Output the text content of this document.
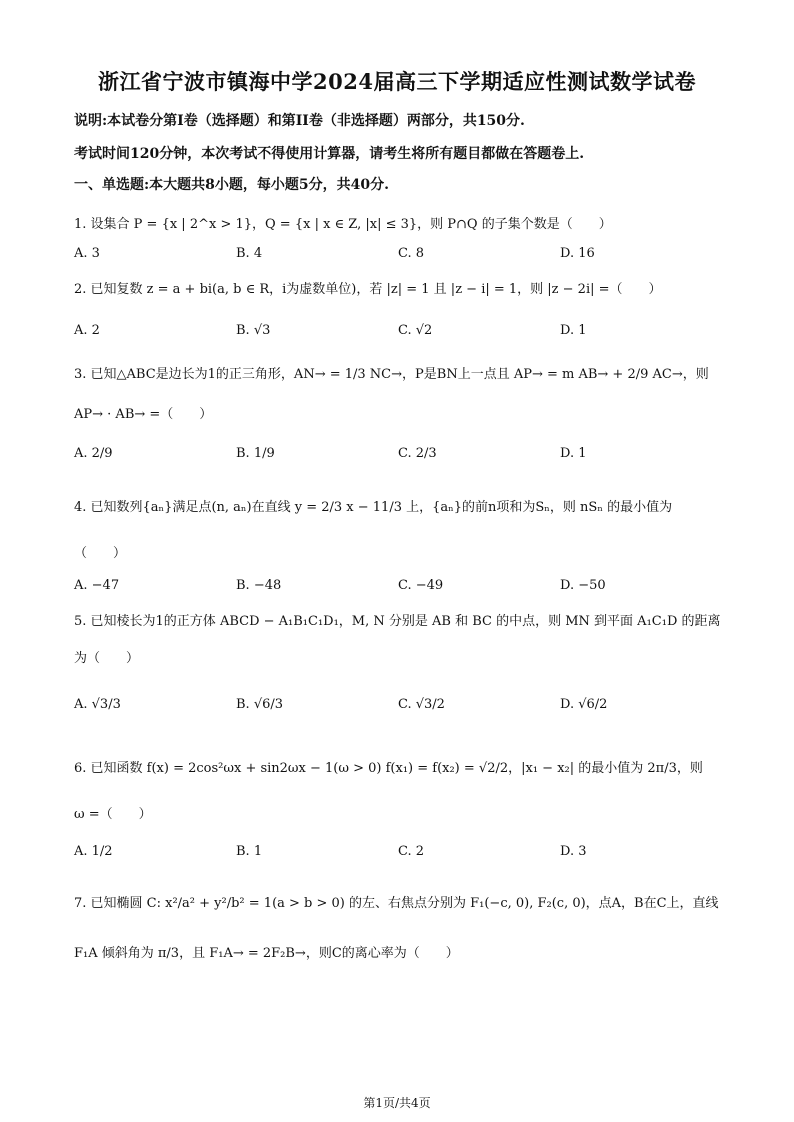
浙江省宁波市镇海中学2024届高三下学期适应性测试数学试卷
说明:本试卷分第I卷（选择题）和第II卷（非选择题）两部分，共150分.
考试时间120分钟，本次考试不得使用计算器，请考生将所有题目都做在答题卷上.
一、单选题:本大题共8小题，每小题5分，共40分.
1. 设集合 P = {x | 2^x > 1}，Q = {x | x ∈ Z, |x| ≤ 3}，则 P∩Q 的子集个数是（　　）
A. 3	B. 4	C. 8	D. 16
2. 已知复数 z = a + bi(a, b ∈ R，i为虚数单位)，若 |z| = 1 且 |z − i| = 1，则 |z − 2i| =（　　）
A. 2	B. √3	C. √2	D. 1
3. 已知△ABC是边长为1的正三角形，AN→ = 1/3 NC→，P是BN上一点且 AP→ = m AB→ + 2/9 AC→，则
AP→ · AB→ =（　　）
A. 2/9	B. 1/9	C. 2/3	D. 1
4. 已知数列{aₙ}满足点(n, aₙ)在直线 y = 2/3 x − 11/3 上，{aₙ}的前n项和为Sₙ，则 nSₙ 的最小值为
（　　）
A. −47	B. −48	C. −49	D. −50
5. 已知棱长为1的正方体 ABCD − A₁B₁C₁D₁，M, N 分别是 AB 和 BC 的中点，则 MN 到平面 A₁C₁D 的距离
为（　　）
A. √3/3	B. √6/3	C. √3/2	D. √6/2
6. 已知函数 f(x) = 2cos²ωx + sin2ωx − 1(ω > 0) f(x₁) = f(x₂) = √2/2，|x₁ − x₂| 的最小值为 2π/3，则
ω =（　　）
A. 1/2	B. 1	C. 2	D. 3
7. 已知椭圆 C: x²/a² + y²/b² = 1(a > b > 0) 的左、右焦点分别为 F₁(−c, 0), F₂(c, 0)，点A，B在C上，直线
F₁A 倾斜角为 π/3，且 F₁A→ = 2F₂B→，则C的离心率为（　　）
第1页/共4页
